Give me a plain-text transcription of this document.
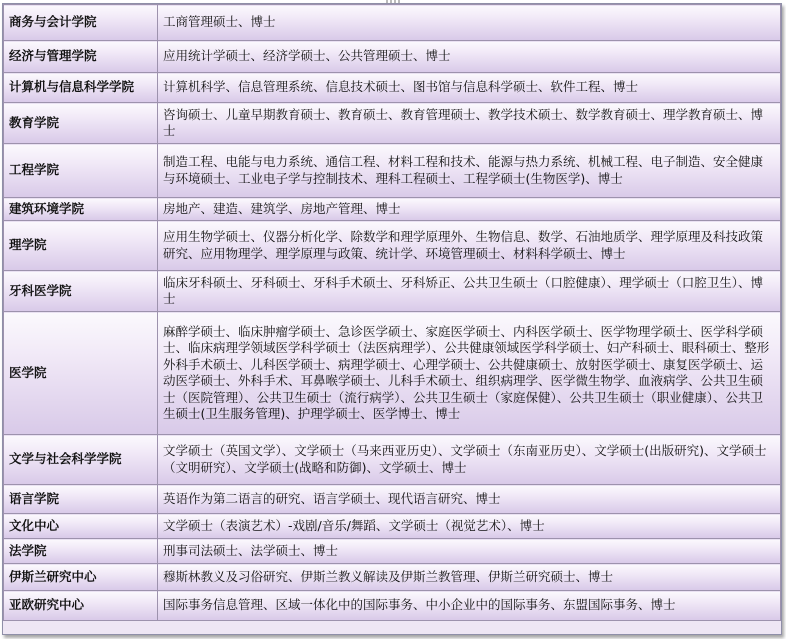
商务与会计学院	工商管理硕士、博士
经济与管理学院	应用统计学硕士、经济学硕士、公共管理硕士、博士
计算机与信息科学学院	计算机科学、信息管理系统、信息技术硕士、图书馆与信息科学硕士、软件工程、博士
教育学院	咨询硕士、儿童早期教育硕士、教育硕士、教育管理硕士、教学技术硕士、数学教育硕士、理学教育硕士、博士
工程学院	制造工程、电能与电力系统、通信工程、材料工程和技术、能源与热力系统、机械工程、电子制造、安全健康与环境硕士、工业电子学与控制技术、理科工程硕士、工程学硕士(生物医学)、博士
建筑环境学院	房地产、建造、建筑学、房地产管理、博士
理学院	应用生物学硕士、仪器分析化学、除数学和理学原理外、生物信息、数学、石油地质学、理学原理及科技政策研究、应用物理学、理学原理与政策、统计学、环境管理硕士、材料科学硕士、博士
牙科医学院	临床牙科硕士、牙科硕士、牙科手术硕士、牙科矫正、公共卫生硕士（口腔健康）、理学硕士（口腔卫生）、博士
医学院	麻醉学硕士、临床肿瘤学硕士、急诊医学硕士、家庭医学硕士、内科医学硕士、医学物理学硕士、医学科学硕士、临床病理学领域医学科学硕士（法医病理学）、公共健康领域医学科学硕士、妇产科硕士、眼科硕士、整形外科手术硕士、儿科医学硕士、病理学硕士、心理学硕士、公共健康硕士、放射医学硕士、康复医学硕士、运动医学硕士、外科手术、耳鼻喉学硕士、儿科手术硕士、组织病理学、医学微生物学、血液病学、公共卫生硕士（医院管理）、公共卫生硕士（流行病学）、公共卫生硕士（家庭保健）、公共卫生硕士（职业健康）、公共卫生硕士(卫生服务管理)、护理学硕士、医学博士、博士
文学与社会科学学院	文学硕士（英国文学）、文学硕士（马来西亚历史）、文学硕士（东南亚历史）、文学硕士(出版研究)、文学硕士（文明研究）、文学硕士(战略和防御)、文学硕士、博士
语言学院	英语作为第二语言的研究、语言学硕士、现代语言研究、博士
文化中心	文学硕士（表演艺术）-戏剧/音乐/舞蹈、文学硕士（视觉艺术）、博士
法学院	刑事司法硕士、法学硕士、博士
伊斯兰研究中心	穆斯林教义及习俗研究、伊斯兰教义解读及伊斯兰教管理、伊斯兰研究硕士、博士
亚欧研究中心	国际事务信息管理、区域一体化中的国际事务、中小企业中的国际事务、东盟国际事务、博士
